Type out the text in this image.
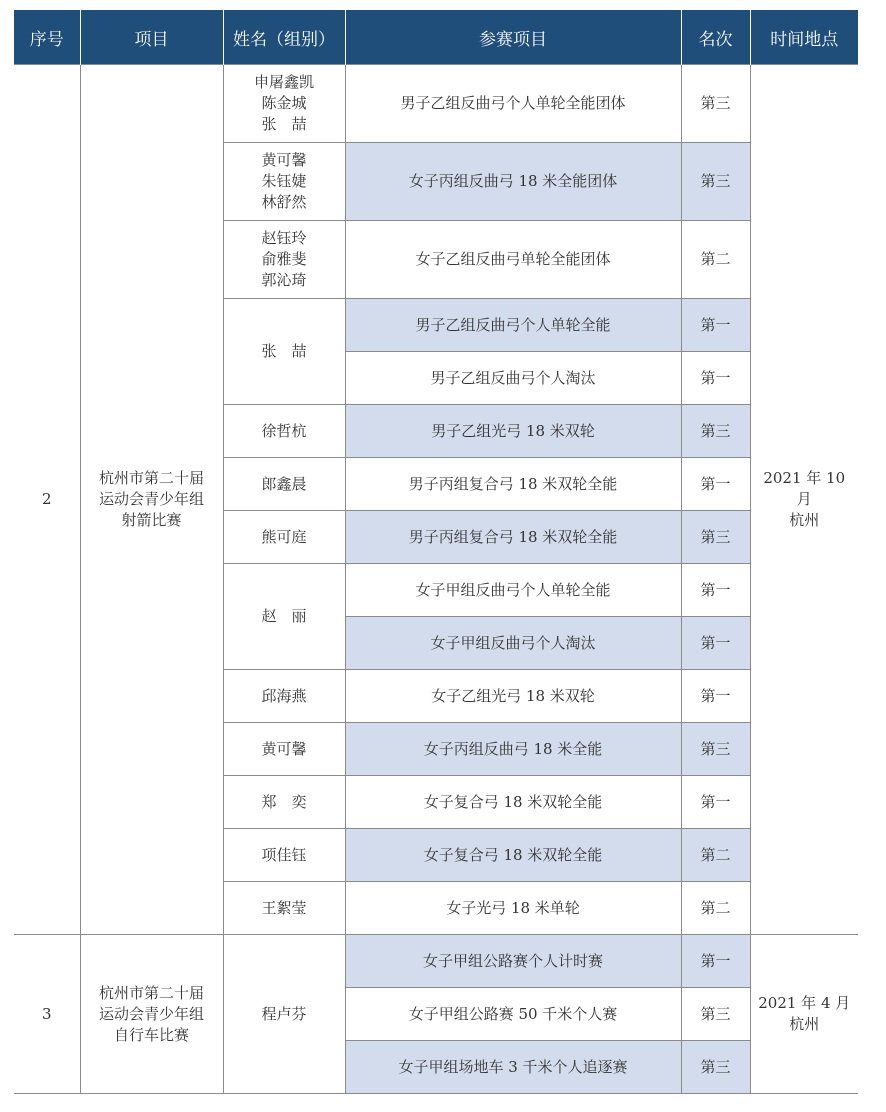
序号	项目	姓名（组别）	参赛项目	名次	时间地点
2	杭州市第二十届
运动会青少年组
射箭比赛	申屠鑫凯
陈金城
张　喆	男子乙组反曲弓个人单轮全能团体	第三	2021 年 10 月
杭州
		黄可馨
朱钰婕
林舒然	女子丙组反曲弓 18 米全能团体	第三	
		赵钰玲
俞雅斐
郭沁琦	女子乙组反曲弓单轮全能团体	第二	
		张　喆	男子乙组反曲弓个人单轮全能	第一	
			男子乙组反曲弓个人淘汰	第一	
		徐哲杭	男子乙组光弓 18 米双轮	第三	
		郎鑫晨	男子丙组复合弓 18 米双轮全能	第一	
		熊可庭	男子丙组复合弓 18 米双轮全能	第三	
		赵　丽	女子甲组反曲弓个人单轮全能	第一	
			女子甲组反曲弓个人淘汰	第一	
		邱海燕	女子乙组光弓 18 米双轮	第一	
		黄可馨	女子丙组反曲弓 18 米全能	第三	
		郑　奕	女子复合弓 18 米双轮全能	第一	
		项佳钰	女子复合弓 18 米双轮全能	第二	
		王絮莹	女子光弓 18 米单轮	第二	
3	杭州市第二十届
运动会青少年组
自行车比赛	程卢芬	女子甲组公路赛个人计时赛	第一	2021 年 4 月
杭州
			女子甲组公路赛 50 千米个人赛	第三	
			女子甲组场地车 3 千米个人追逐赛	第三	
